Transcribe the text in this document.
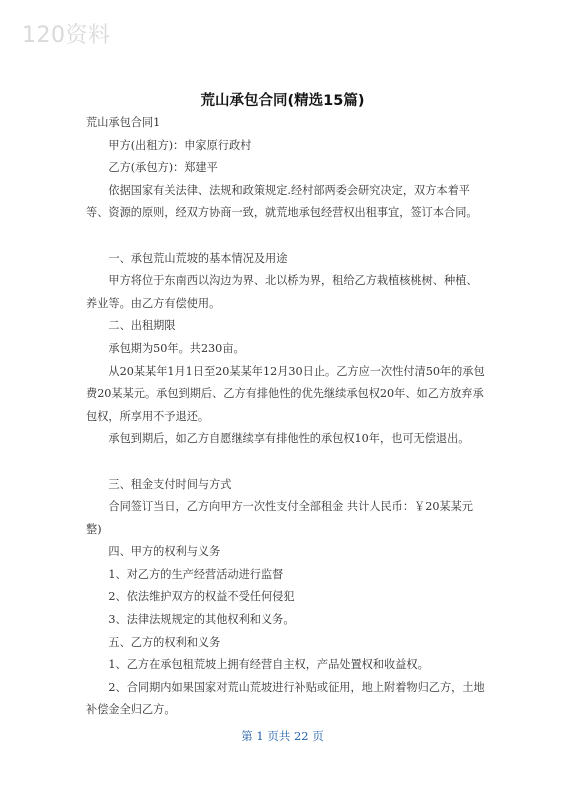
120资料
荒山承包合同(精选15篇)

荒山承包合同1

甲方(出租方)：申家原行政村

乙方(承包方)：郑建平

依据国家有关法律、法规和政策规定.经村部两委会研究决定，双方本着平等、资源的原则，经双方协商一致，就荒地承包经营权出租事宜，签订本合同。

一、承包荒山荒坡的基本情况及用途

甲方将位于东南西以沟边为界、北以桥为界，租给乙方栽植核桃树、种植、养业等。由乙方有偿使用。

二、出租期限

承包期为50年。共230亩。

从20某某年1月1日至20某某年12月30日止。乙方应一次性付清50年的承包费20某某元。承包到期后、乙方有排他性的优先继续承包权20年、如乙方放弃承包权，所享用不予退还。

承包到期后，如乙方自愿继续享有排他性的承包权10年，也可无偿退出。

三、租金支付时间与方式

合同签订当日，乙方向甲方一次性支付全部租金 共计人民币：￥20某某元整)

四、甲方的权利与义务

1、对乙方的生产经营活动进行监督

2、依法维护双方的权益不受任何侵犯

3、法律法规规定的其他权利和义务。

五、乙方的权利和义务

1、乙方在承包租荒坡上拥有经营自主权，产品处置权和收益权。

2、合同期内如果国家对荒山荒坡进行补贴或征用，地上附着物归乙方，土地补偿金全归乙方。

第 1 页共 22 页
